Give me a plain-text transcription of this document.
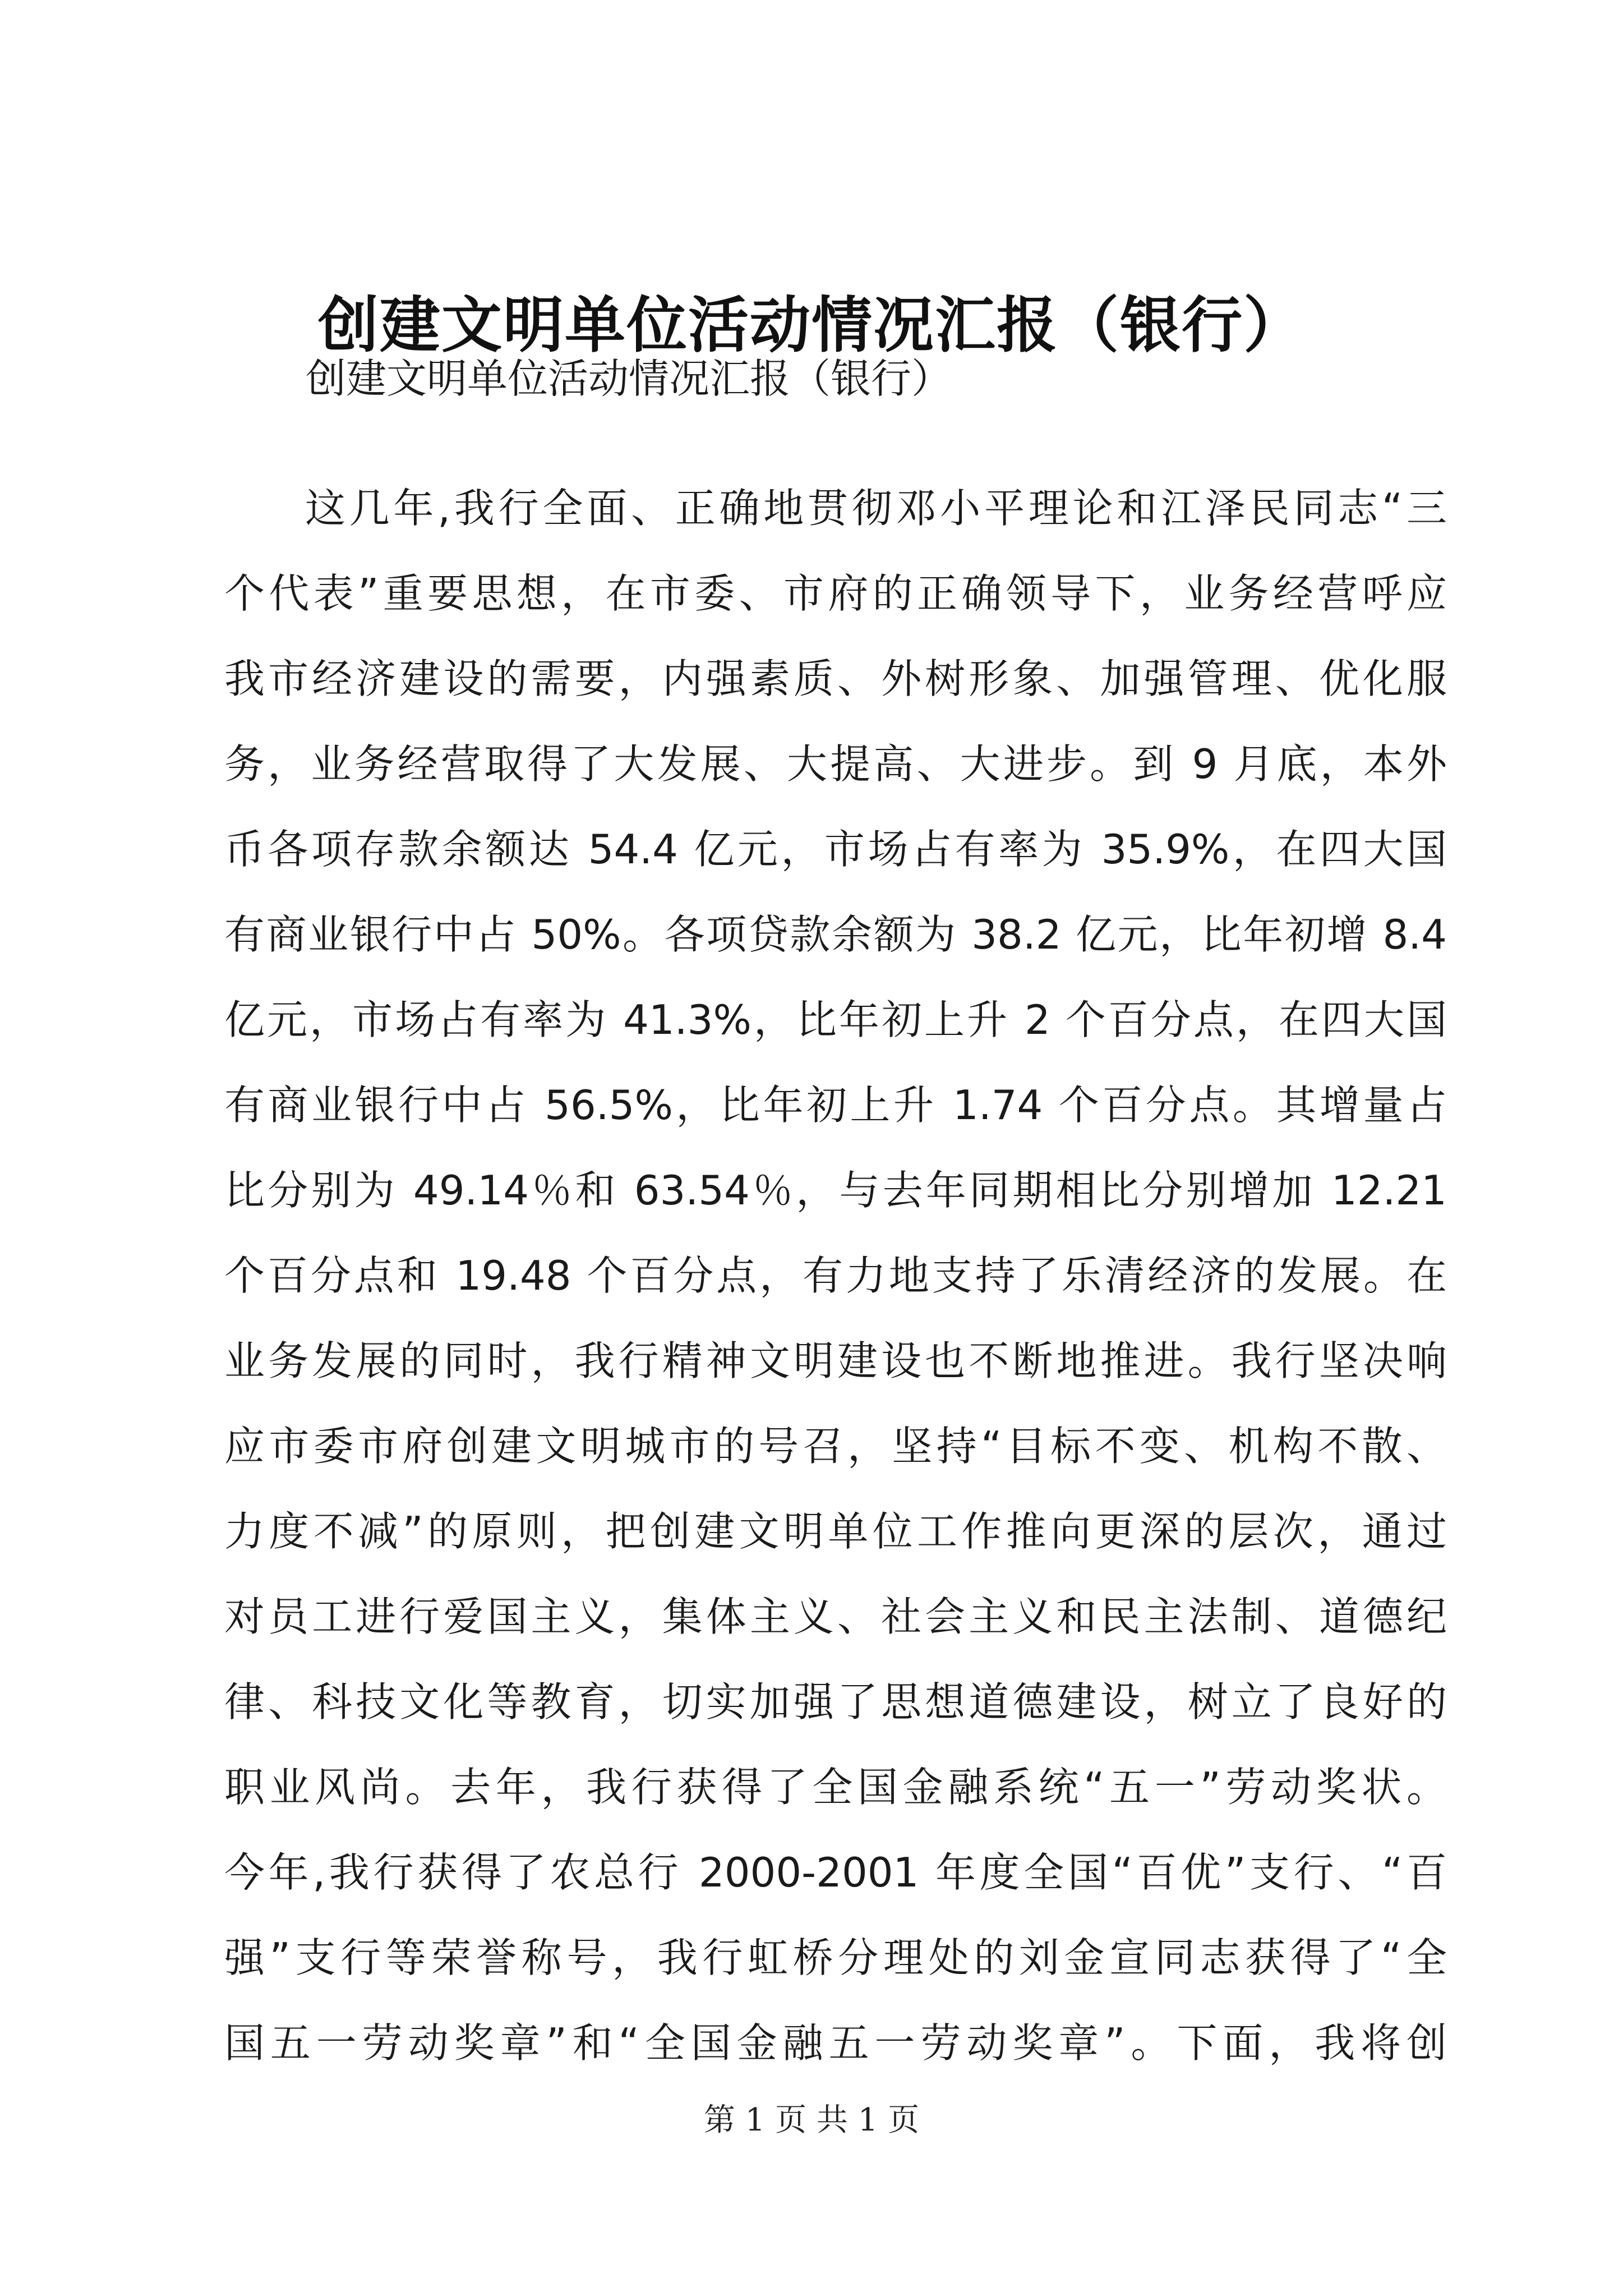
创建文明单位活动情况汇报（银行）

创建文明单位活动情况汇报（银行）

这几年,我行全面、正确地贯彻邓小平理论和江泽民同志“三
个代表”重要思想，在市委、市府的正确领导下，业务经营呼应
我市经济建设的需要，内强素质、外树形象、加强管理、优化服
务，业务经营取得了大发展、大提高、大进步。到 9 月底，本外
币各项存款余额达 54.4 亿元，市场占有率为 35.9%，在四大国
有商业银行中占 50%。各项贷款余额为 38.2 亿元，比年初增 8.4
亿元，市场占有率为 41.3%，比年初上升 2 个百分点，在四大国
有商业银行中占 56.5%，比年初上升 1.74 个百分点。其增量占
比分别为 49.14％和 63.54％，与去年同期相比分别增加 12.21
个百分点和 19.48 个百分点，有力地支持了乐清经济的发展。在
业务发展的同时，我行精神文明建设也不断地推进。我行坚决响
应市委市府创建文明城市的号召，坚持“目标不变、机构不散、
力度不减”的原则，把创建文明单位工作推向更深的层次，通过
对员工进行爱国主义，集体主义、社会主义和民主法制、道德纪
律、科技文化等教育，切实加强了思想道德建设，树立了良好的
职业风尚。去年，我行获得了全国金融系统“五一”劳动奖状。
今年,我行获得了农总行 2000-2001 年度全国“百优”支行、“百
强”支行等荣誉称号，我行虹桥分理处的刘金宣同志获得了“全
国五一劳动奖章”和“全国金融五一劳动奖章”。下面，我将创

第 1 页 共 1 页
